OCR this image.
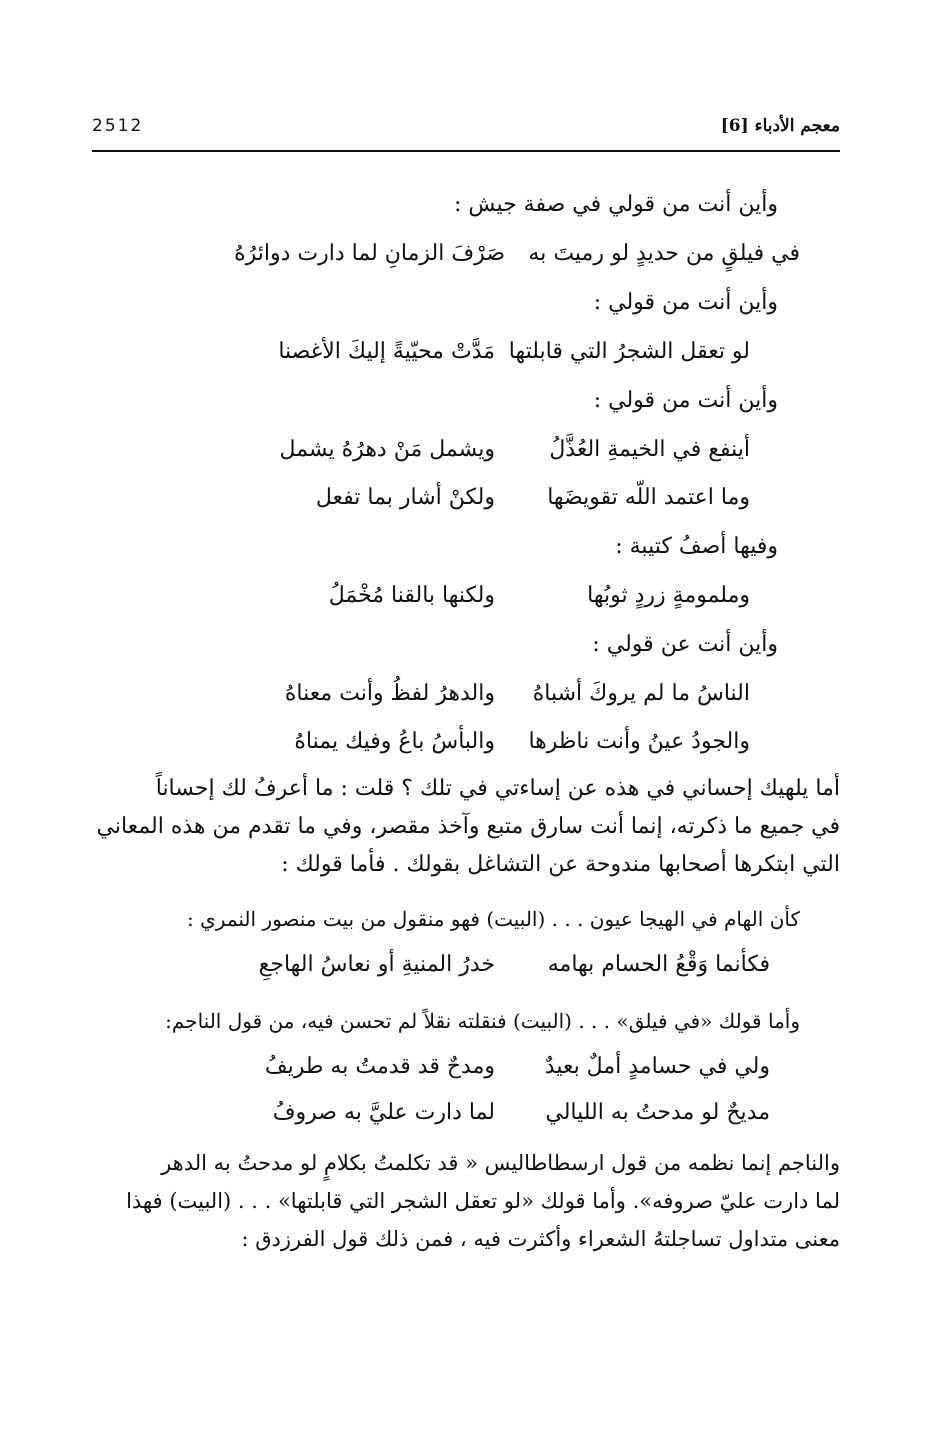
2512	معجم الأدباء [6]
وأين أنت من قولي في صفة جيش :
في فيلقٍ من حديدٍ لو رميتَ به
صَرْفَ الزمانِ لما دارت دوائرُهُ
وأين أنت من قولي :
لو تعقل الشجرُ التي قابلتها
مَدَّتْ محيّيةً إليكَ الأغصنا
وأين أنت من قولي :
أينفع في الخيمةِ العُذَّلُ
ويشمل مَنْ دهرُهُ يشمل
وما اعتمد اللّه تقويضَها
ولكنْ أشار بما تفعل
وفيها أصفُ كتيبة :
وملمومةٍ زردٍ ثوبُها
ولكنها بالقنا مُخْمَلُ
وأين أنت عن قولي :
الناسُ ما لم يروكَ أشباهُ
والدهرُ لفظُ وأنت معناهُ
والجودُ عينُ وأنت ناظرها
والبأسُ باعُ وفيك يمناهُ
أما يلهيك إحساني في هذه عن إساءتي في تلك ؟ قلت : ما أعرفُ لك إحساناً
في جميع ما ذكرته، إنما أنت سارق متبع وآخذ مقصر، وفي ما تقدم من هذه المعاني
التي ابتكرها أصحابها مندوحة عن التشاغل بقولك . فأما قولك :
كأن الهام في الهيجا عيون . . . (البيت) فهو منقول من بيت منصور النمري :
فكأنما وَقْعُ الحسام بهامه
خدرُ المنيةِ أو نعاسُ الهاجعِ
وأما قولك «في فيلق» . . . (البيت) فنقلته نقلاً لم تحسن فيه، من قول الناجم:
ولي في حسامدٍ أملٌ بعيدٌ
ومدحٌ قد قدمتُ به طريفُ
مديحٌ لو مدحتُ به الليالي
لما دارت عليَّ به صروفُ
والناجم إنما نظمه من قول ارسطاطاليس « قد تكلمتُ بكلامٍ لو مدحتُ به الدهر
لما دارت عليّ صروفه». وأما قولك «لو تعقل الشجر التي قابلتها» . . . (البيت) فهذا
معنى متداول تساجلتهُ الشعراء وأكثرت فيه ، فمن ذلك قول الفرزدق :
